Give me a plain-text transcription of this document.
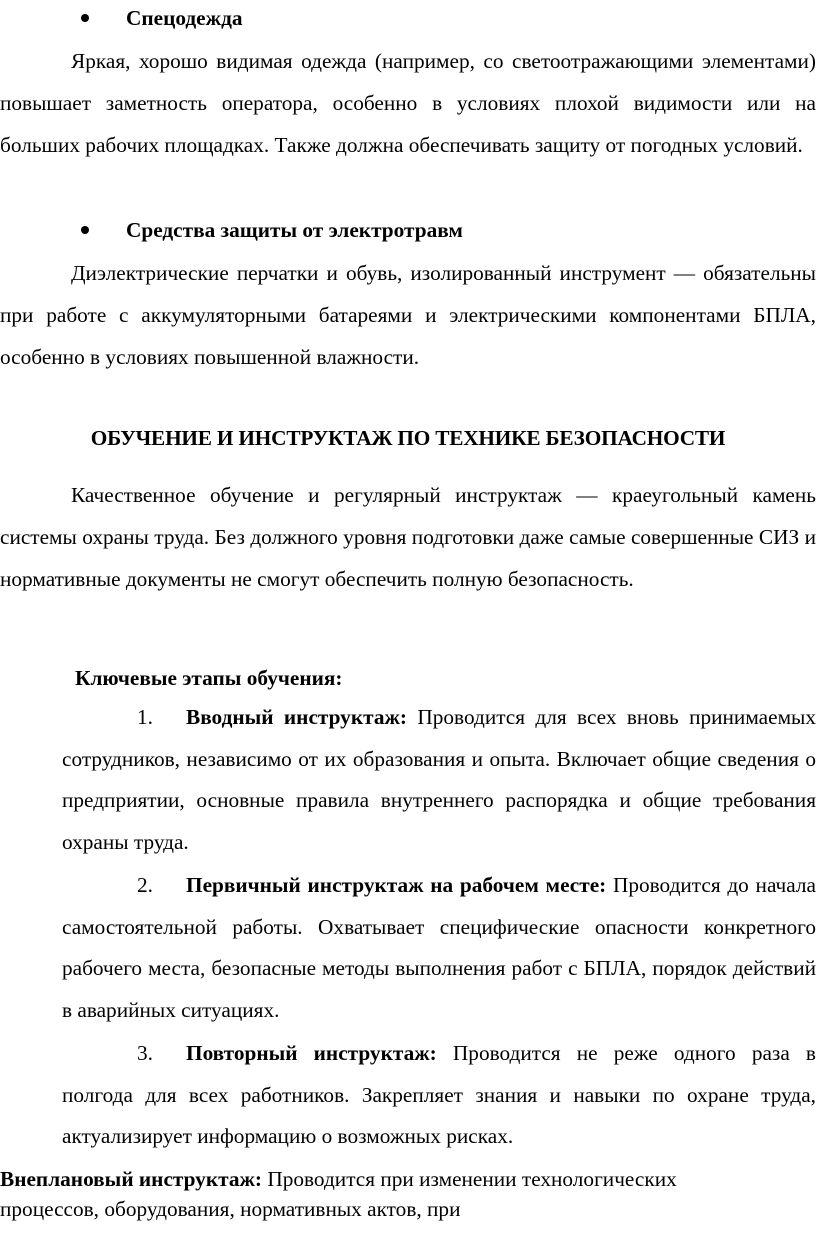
Спецодежда

Яркая, хорошо видимая одежда (например, со светоотражающими элементами) повышает заметность оператора, особенно в условиях плохой видимости или на больших рабочих площадках. Также должна обеспечивать защиту от погодных условий.

Средства защиты от электротравм

Диэлектрические перчатки и обувь, изолированный инструмент — обязательны при работе с аккумуляторными батареями и электрическими компонентами БПЛА, особенно в условиях повышенной влажности.

ОБУЧЕНИЕ И ИНСТРУКТАЖ ПО ТЕХНИКЕ БЕЗОПАСНОСТИ

Качественное обучение и регулярный инструктаж — краеугольный камень системы охраны труда. Без должного уровня подготовки даже самые совершенные СИЗ и нормативные документы не смогут обеспечить полную безопасность.

Ключевые этапы обучения:

1. Вводный инструктаж: Проводится для всех вновь принимаемых сотрудников, независимо от их образования и опыта. Включает общие сведения о предприятии, основные правила внутреннего распорядка и общие требования охраны труда.

2. Первичный инструктаж на рабочем месте: Проводится до начала самостоятельной работы. Охватывает специфические опасности конкретного рабочего места, безопасные методы выполнения работ с БПЛА, порядок действий в аварийных ситуациях.

3. Повторный инструктаж: Проводится не реже одного раза в полгода для всех работников. Закрепляет знания и навыки по охране труда, актуализирует информацию о возможных рисках.

Внеплановый инструктаж: Проводится при изменении технологических процессов, оборудования, нормативных актов, при
